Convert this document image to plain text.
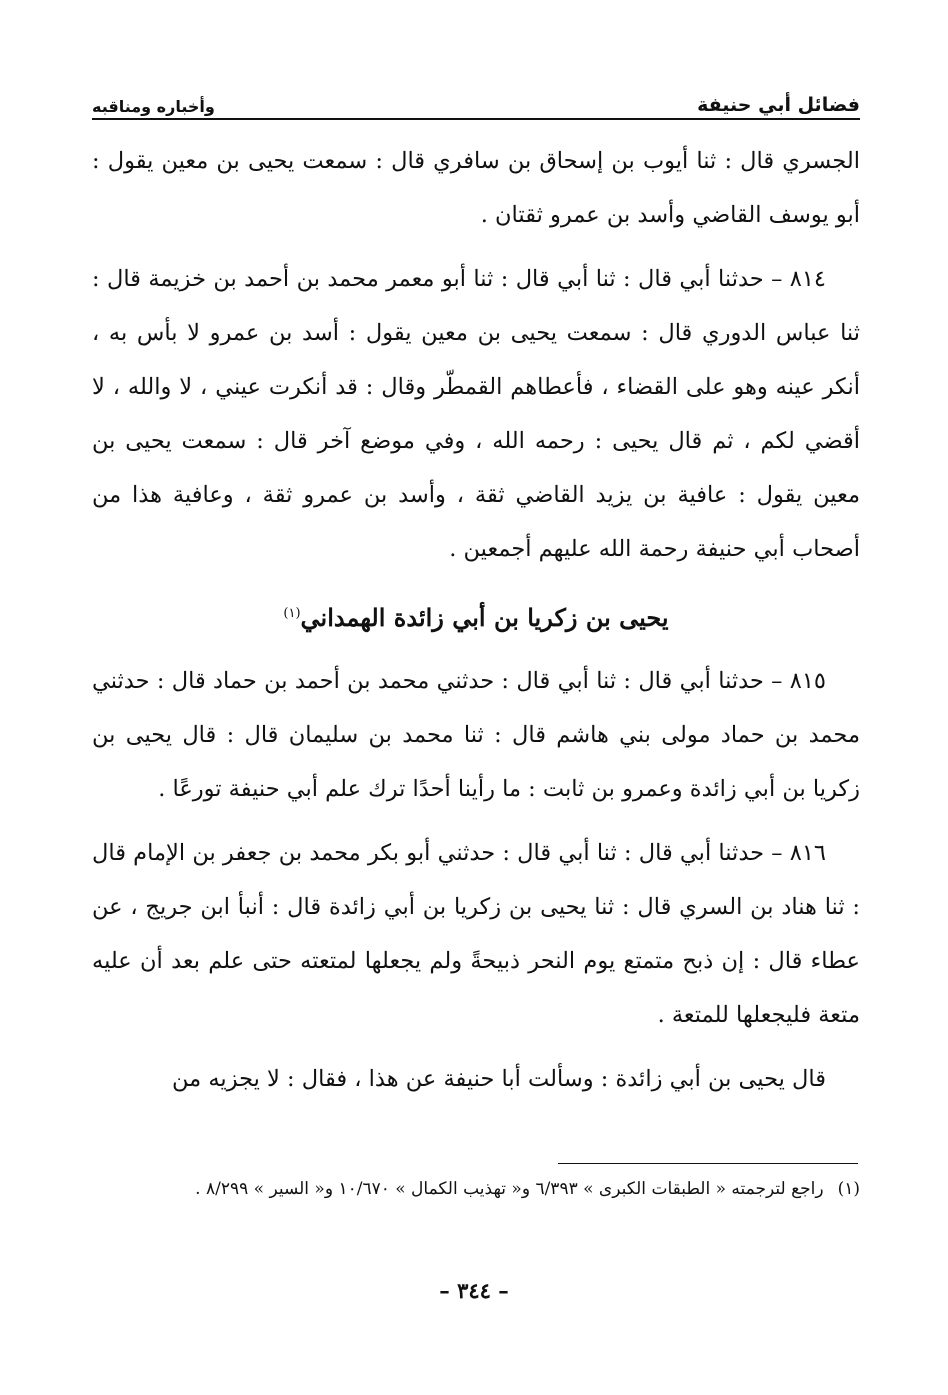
فضائل أبي حنيفة
وأخباره ومناقبه

الجسري قال : ثنا أيوب بن إسحاق بن سافري قال : سمعت يحيى بن معين يقول : أبو يوسف القاضي وأسد بن عمرو ثقتان .

٨١٤ – حدثنا أبي قال : ثنا أبي قال : ثنا أبو معمر محمد بن أحمد بن خزيمة قال : ثنا عباس الدوري قال : سمعت يحيى بن معين يقول : أسد بن عمرو لا بأس به ، أنكر عينه وهو على القضاء ، فأعطاهم القمطّر وقال : قد أنكرت عيني ، لا والله ، لا أقضي لكم ، ثم قال يحيى : رحمه الله ، وفي موضع آخر قال : سمعت يحيى بن معين يقول : عافية بن يزيد القاضي ثقة ، وأسد بن عمرو ثقة ، وعافية هذا من أصحاب أبي حنيفة رحمة الله عليهم أجمعين .

يحيى بن زكريا بن أبي زائدة الهمداني$^{(١)}$

٨١٥ – حدثنا أبي قال : ثنا أبي قال : حدثني محمد بن أحمد بن حماد قال : حدثني محمد بن حماد مولى بني هاشم قال : ثنا محمد بن سليمان قال : قال يحيى بن زكريا بن أبي زائدة وعمرو بن ثابت : ما رأينا أحدًا ترك علم أبي حنيفة تورعًا .

٨١٦ – حدثنا أبي قال : ثنا أبي قال : حدثني أبو بكر محمد بن جعفر بن الإمام قال : ثنا هناد بن السري قال : ثنا يحيى بن زكريا بن أبي زائدة قال : أنبأ ابن جريج ، عن عطاء قال : إن ذبح متمتع يوم النحر ذبيحةً ولم يجعلها لمتعته حتى علم بعد أن عليه متعة فليجعلها للمتعة .

قال يحيى بن أبي زائدة : وسألت أبا حنيفة عن هذا ، فقال : لا يجزيه من

(١)راجع لترجمته « الطبقات الكبرى » ٦/٣٩٣ و« تهذيب الكمال » ١٠/٦٧٠ و« السير » ٨/٢٩٩ .
– ٣٤٤ –
